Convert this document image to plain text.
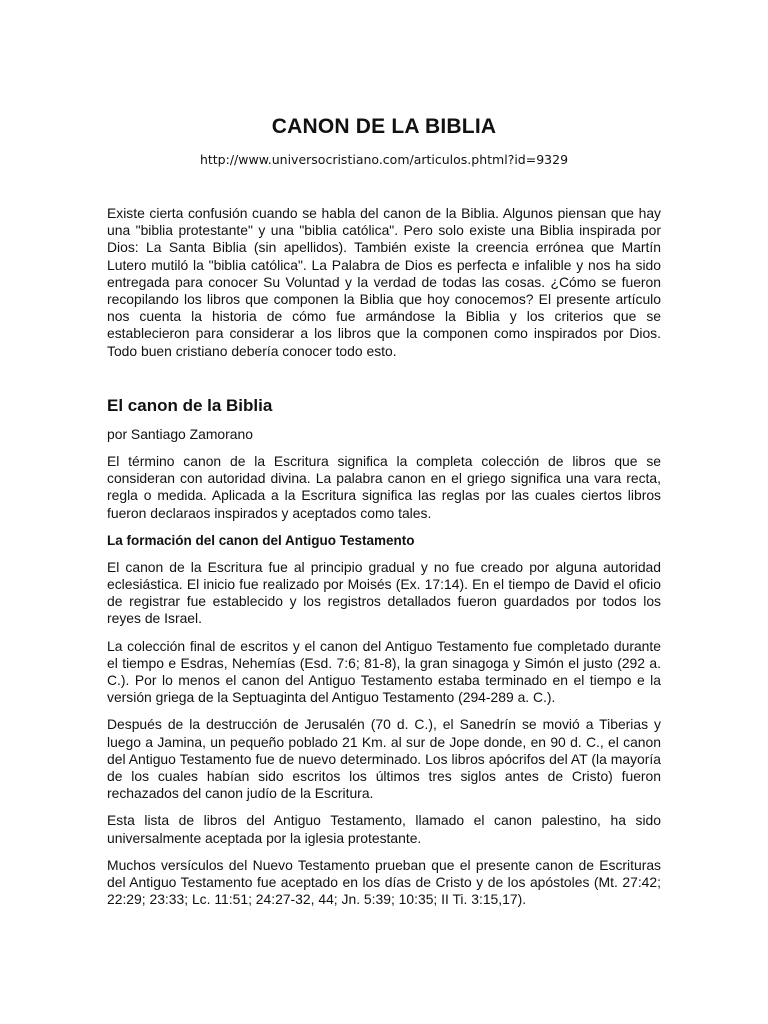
CANON DE LA BIBLIA
http://www.universocristiano.com/articulos.phtml?id=9329

Existe cierta confusión cuando se habla del canon de la Biblia. Algunos piensan que hay una "biblia protestante" y una "biblia católica". Pero solo existe una Biblia inspirada por Dios: La Santa Biblia (sin apellidos). También existe la creencia errónea que Martín Lutero mutiló la "biblia católica". La Palabra de Dios es perfecta e infalible y nos ha sido entregada para conocer Su Voluntad y la verdad de todas las cosas. ¿Cómo se fueron recopilando los libros que componen la Biblia que hoy conocemos? El presente artículo nos cuenta la historia de cómo fue armándose la Biblia y los criterios que se establecieron para considerar a los libros que la componen como inspirados por Dios. Todo buen cristiano debería conocer todo esto.

El canon de la Biblia

por Santiago Zamorano

El término canon de la Escritura significa la completa colección de libros que se consideran con autoridad divina. La palabra canon en el griego significa una vara recta, regla o medida. Aplicada a la Escritura significa las reglas por las cuales ciertos libros fueron declaraos inspirados y aceptados como tales.

La formación del canon del Antiguo Testamento

El canon de la Escritura fue al principio gradual y no fue creado por alguna autoridad eclesiástica. El inicio fue realizado por Moisés (Ex. 17:14). En el tiempo de David el oficio de registrar fue establecido y los registros detallados fueron guardados por todos los reyes de Israel.

La colección final de escritos y el canon del Antiguo Testamento fue completado durante el tiempo e Esdras, Nehemías (Esd. 7:6; 81-8), la gran sinagoga y Simón el justo (292 a. C.). Por lo menos el canon del Antiguo Testamento estaba terminado en el tiempo e la versión griega de la Septuaginta del Antiguo Testamento (294-289 a. C.).

Después de la destrucción de Jerusalén (70 d. C.), el Sanedrín se movió a Tiberias y luego a Jamina, un pequeño poblado 21 Km. al sur de Jope donde, en 90 d. C., el canon del Antiguo Testamento fue de nuevo determinado. Los libros apócrifos del AT (la mayoría de los cuales habían sido escritos los últimos tres siglos antes de Cristo) fueron rechazados del canon judío de la Escritura.

Esta lista de libros del Antiguo Testamento, llamado el canon palestino, ha sido universalmente aceptada por la iglesia protestante.

Muchos versículos del Nuevo Testamento prueban que el presente canon de Escrituras del Antiguo Testamento fue aceptado en los días de Cristo y de los apóstoles (Mt. 27:42; 22:29; 23:33; Lc. 11:51; 24:27-32, 44; Jn. 5:39; 10:35; II Ti. 3:15,17).
